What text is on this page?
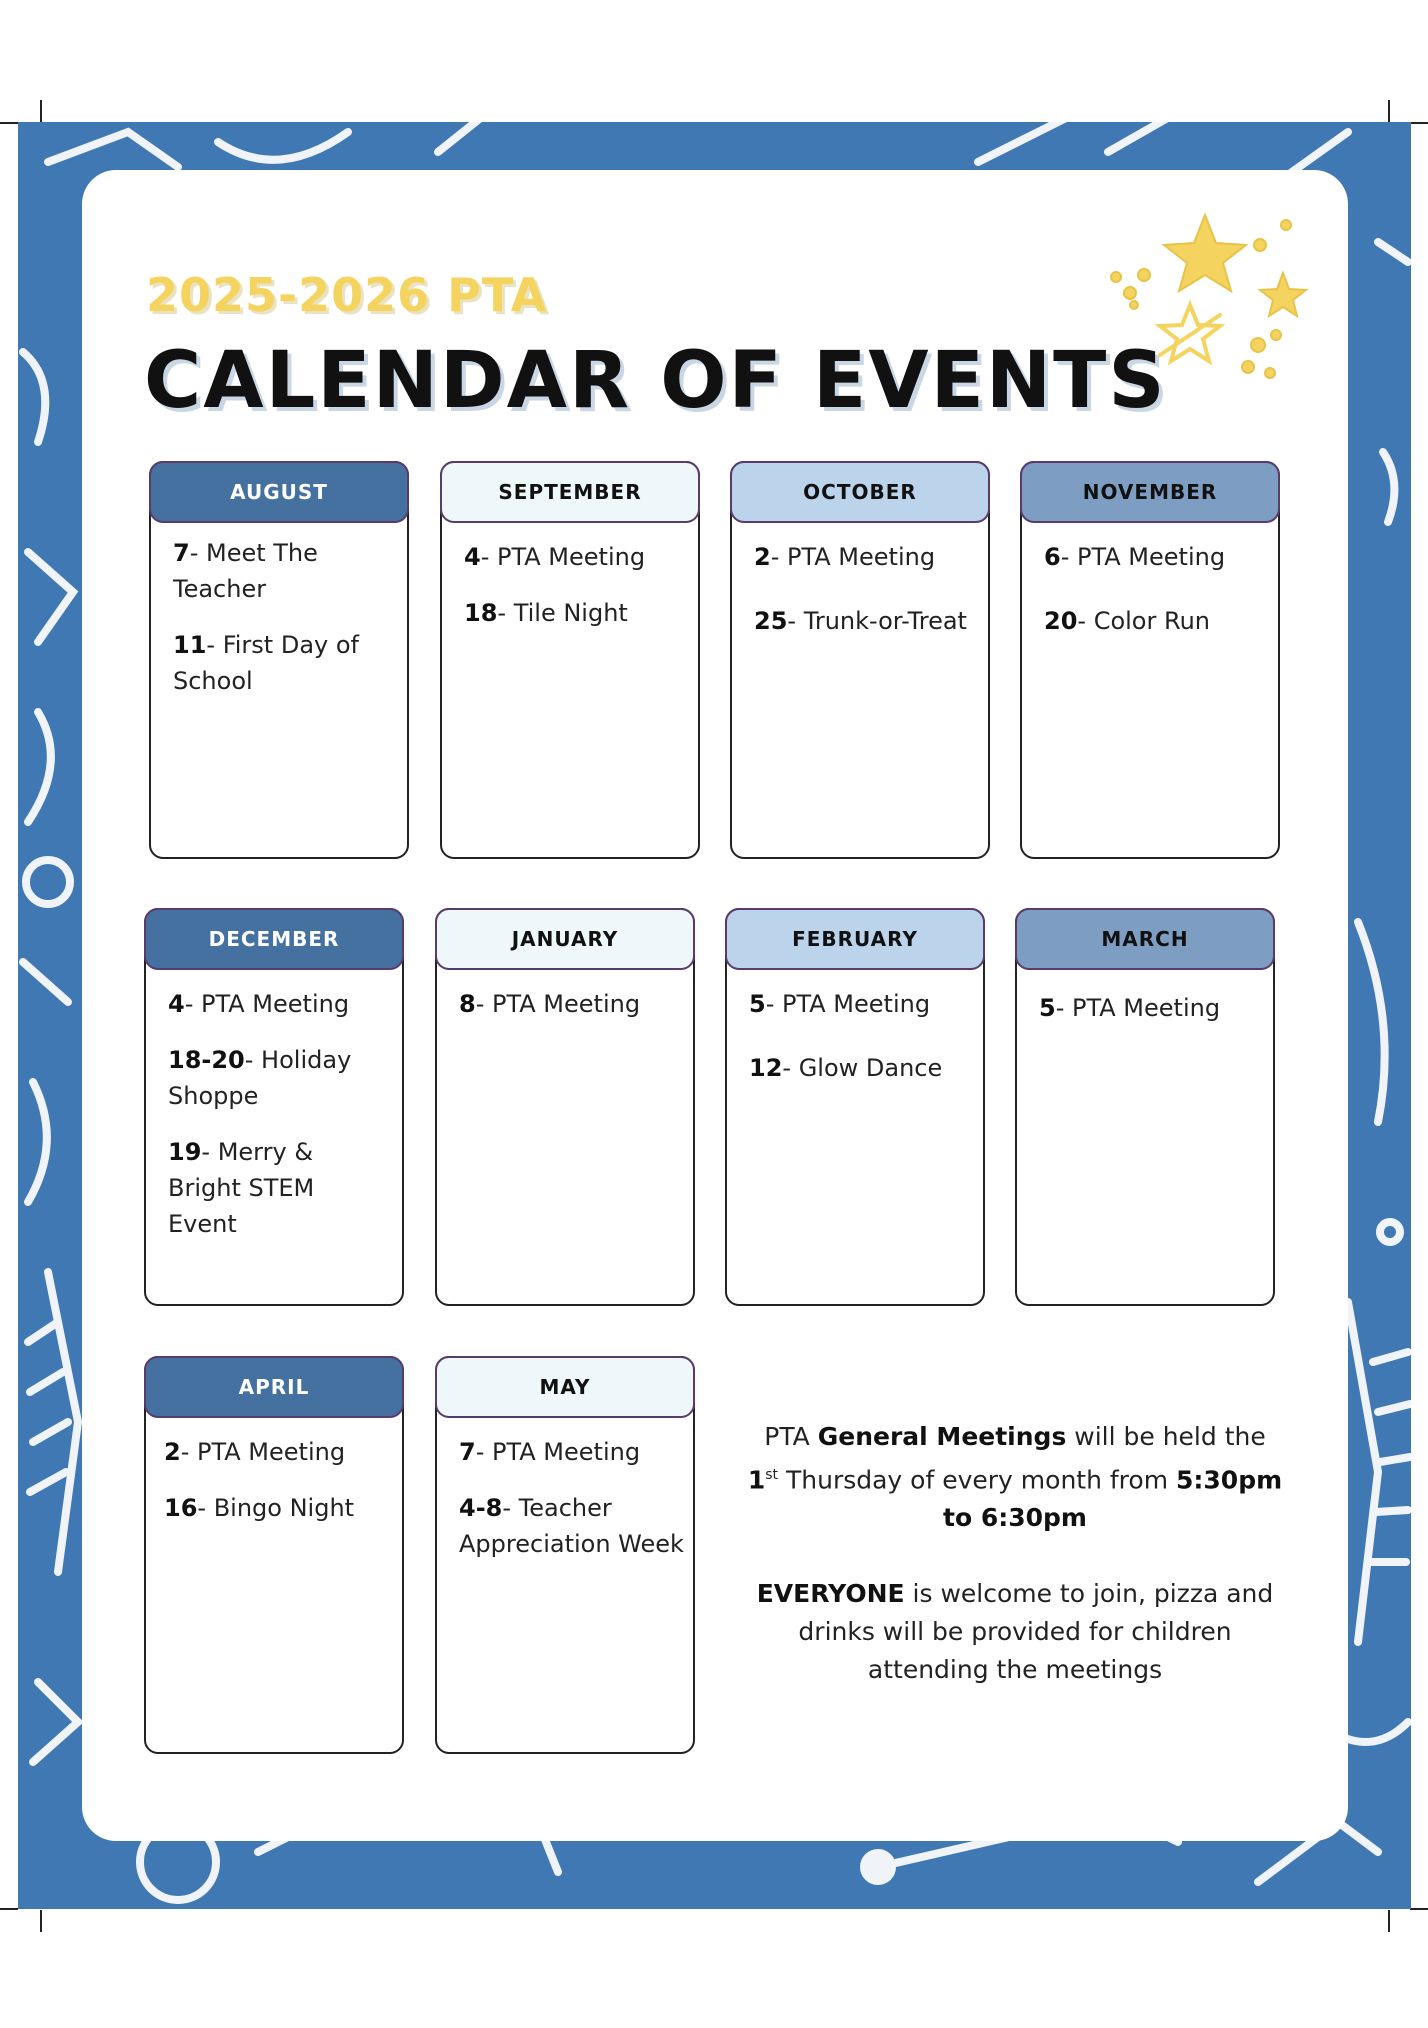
2025-2026 PTA
CALENDAR OF EVENTS
AUGUST
7- Meet The Teacher
11- First Day of School
SEPTEMBER
4- PTA Meeting
18- Tile Night
OCTOBER
2- PTA Meeting
25- Trunk-or-Treat
NOVEMBER
6- PTA Meeting
20- Color Run
DECEMBER
4- PTA Meeting
18-20- Holiday Shoppe
19- Merry & Bright STEM Event
JANUARY
8- PTA Meeting
FEBRUARY
5- PTA Meeting
12- Glow Dance
MARCH
5- PTA Meeting
APRIL
2- PTA Meeting
16- Bingo Night
MAY
7- PTA Meeting
4-8- Teacher Appreciation Week

PTA General Meetings will be held the
1st Thursday of every month from 5:30pm to 6:30pm

EVERYONE is welcome to join, pizza and drinks will be provided for children attending the meetings
